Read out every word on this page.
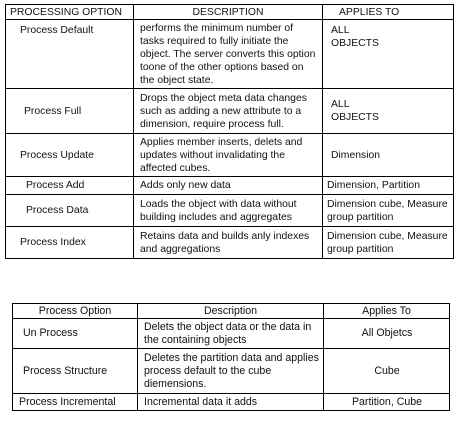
PROCESSING OPTION	DESCRIPTION	APPLIES TO
Process Default	performs the minimum number of tasks required to fully initiate the object. The server converts this option toone of the other options based on the object state.	ALL OBJECTS
Process Full	Drops the object meta data changes such as adding a new attribute to a dimension, require process full.	ALL OBJECTS
Process Update	Applies member inserts, delets and updates without invalidating the affected cubes.	Dimension
Process Add	Adds only new data	Dimension, Partition
Process Data	Loads the object with data without building includes and aggregates	Dimension cube, Measure group partition
Process Index	Retains data and builds anly indexes and aggregations	Dimension cube, Measure group partition
Process Option	Description	Applies To
Un Process	Delets the object data or the data in the containing objects	All Objetcs
Process Structure	Deletes the partition data and applies process default to the cube diemensions.	Cube
Process Incremental	Incremental data it adds	Partition, Cube
